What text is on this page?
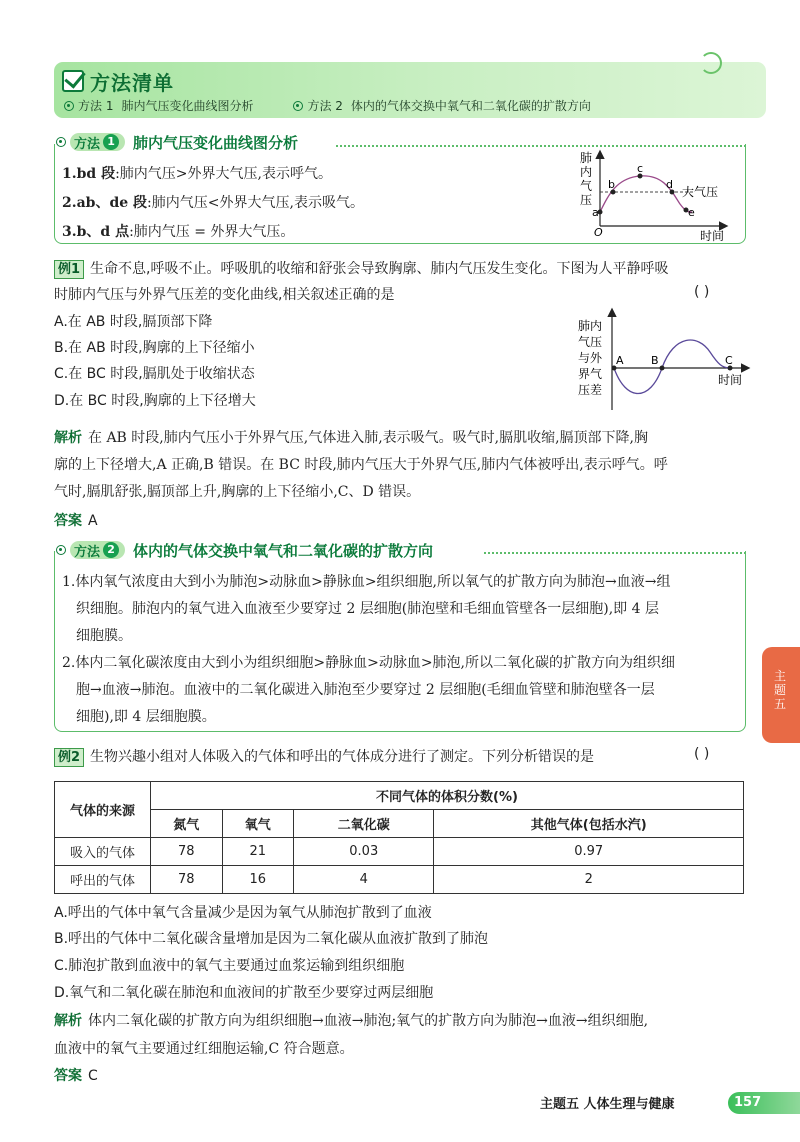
方法清单
方法 1 肺内气压变化曲线图分析	方法 2 体内的气体交换中氧气和二氧化碳的扩散方向
方法 1 肺内气压变化曲线图分析
1.bd 段:肺内气压>外界大气压,表示呼气。
2.ab、de 段:肺内气压<外界大气压,表示吸气。
3.b、d 点:肺内气压 = 外界大气压。
a
b
c
d
e
大气压
O	时间
肺
内
气
压
例1 生命不息,呼吸不止。呼吸肌的收缩和舒张会导致胸廓、肺内气压发生变化。下图为人平静呼吸
时肺内气压与外界气压差的变化曲线,相关叙述正确的是	( )
A.在 AB 时段,膈顶部下降
B.在 AB 时段,胸廓的上下径缩小
C.在 BC 时段,膈肌处于收缩状态
D.在 BC 时段,胸廓的上下径增大
A B	C
时间
肺内
气压
与外
界气
压差
解析 在 AB 时段,肺内气压小于外界气压,气体进入肺,表示吸气。吸气时,膈肌收缩,膈顶部下降,胸
廓的上下径增大,A 正确,B 错误。在 BC 时段,肺内气压大于外界气压,肺内气体被呼出,表示呼气。呼
气时,膈肌舒张,膈顶部上升,胸廓的上下径缩小,C、D 错误。
答案 A
方法 2 体内的气体交换中氧气和二氧化碳的扩散方向
1.体内氧气浓度由大到小为肺泡>动脉血>静脉血>组织细胞,所以氧气的扩散方向为肺泡→血液→组
织细胞。肺泡内的氧气进入血液至少要穿过 2 层细胞(肺泡壁和毛细血管壁各一层细胞),即 4 层
细胞膜。
2.体内二氧化碳浓度由大到小为组织细胞>静脉血>动脉血>肺泡,所以二氧化碳的扩散方向为组织细
胞→血液→肺泡。血液中的二氧化碳进入肺泡至少要穿过 2 层细胞(毛细血管壁和肺泡壁各一层
细胞),即 4 层细胞膜。
例2 生物兴趣小组对人体吸入的气体和呼出的气体成分进行了测定。下列分析错误的是	( )
气体的来源	不同气体的体积分数(%)			
	氮气	氧气	二氧化碳	其他气体(包括水汽)
吸入的气体	78	21	0.03	0.97
呼出的气体	78	16	4	2
A.呼出的气体中氧气含量减少是因为氧气从肺泡扩散到了血液
B.呼出的气体中二氧化碳含量增加是因为二氧化碳从血液扩散到了肺泡
C.肺泡扩散到血液中的氧气主要通过血浆运输到组织细胞
D.氧气和二氧化碳在肺泡和血液间的扩散至少要穿过两层细胞
解析 体内二氧化碳的扩散方向为组织细胞→血液→肺泡;氧气的扩散方向为肺泡→血液→组织细胞,
血液中的氧气主要通过红细胞运输,C 符合题意。
答案 C
主题五
主题五 人体生理与健康	157
